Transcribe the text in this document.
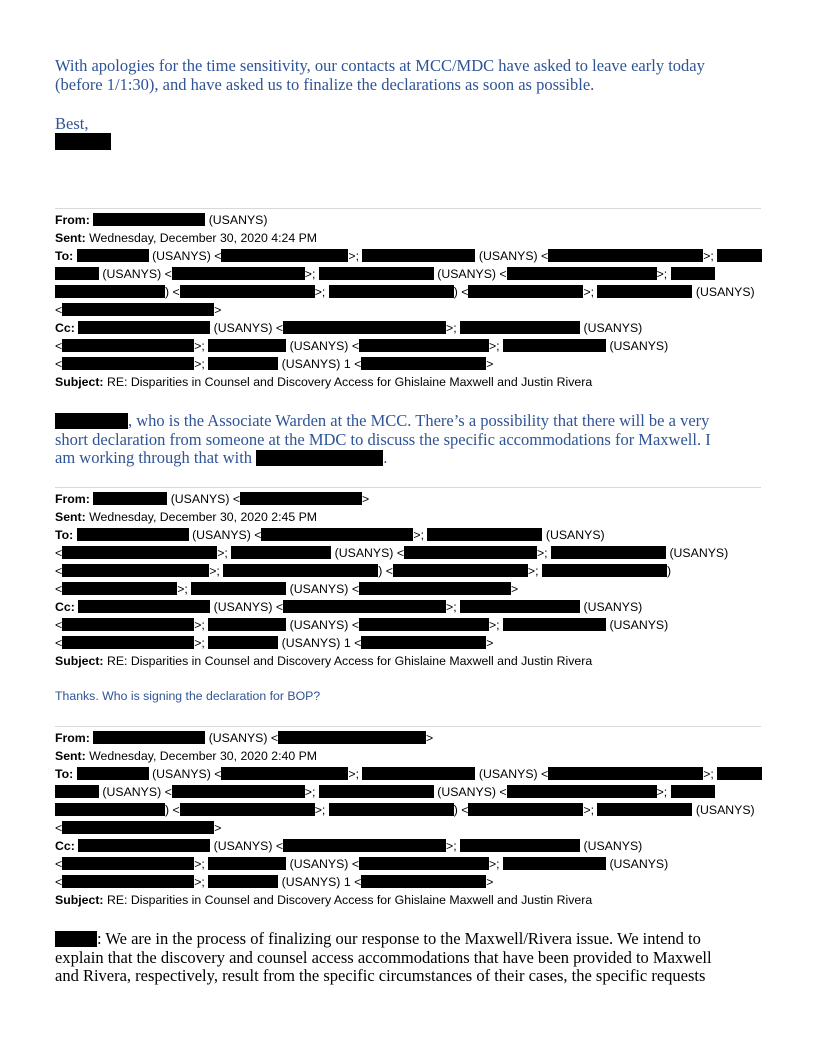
With apologies for the time sensitivity, our contacts at MCC/MDC have asked to leave early today
(before 1/1:30), and have asked us to finalize the declarations as soon as possible.
Best,
From:	(USANYS)
Sent: Wednesday, December 30, 2020 4:24 PM
To:	(USANYS) <	>;	(USANYS) <	>;
(USANYS) <	>;	(USANYS) <	>;
) <	>;	) <	>;	(USANYS)
<	>
Cc:	(USANYS) <	>;	(USANYS)
<	>;	(USANYS) <	>;	(USANYS)
<	>;	(USANYS) 1 <	>
Subject: RE: Disparities in Counsel and Discovery Access for Ghislaine Maxwell and Justin Rivera
, who is the Associate Warden at the MCC. There’s a possibility that there will be a very
short declaration from someone at the MDC to discuss the specific accommodations for Maxwell. I
am working through that with	.
From:	(USANYS) <	>
Sent: Wednesday, December 30, 2020 2:45 PM
To:	(USANYS) <	>;	(USANYS)
<	>;	(USANYS) <	>;	(USANYS)
<	>;	) <	>;	)
<	>;	(USANYS) <	>
Cc:	(USANYS) <	>;	(USANYS)
<	>;	(USANYS) <	>;	(USANYS)
<	>;	(USANYS) 1 <	>
Subject: RE: Disparities in Counsel and Discovery Access for Ghislaine Maxwell and Justin Rivera
Thanks. Who is signing the declaration for BOP?
From:	(USANYS) <	>
Sent: Wednesday, December 30, 2020 2:40 PM
To:	(USANYS) <	>;	(USANYS) <	>;
(USANYS) <	>;	(USANYS) <	>;
) <	>;	) <	>;	(USANYS)
<	>
Cc:	(USANYS) <	>;	(USANYS)
<	>;	(USANYS) <	>;	(USANYS)
<	>;	(USANYS) 1 <	>
Subject: RE: Disparities in Counsel and Discovery Access for Ghislaine Maxwell and Justin Rivera
: We are in the process of finalizing our response to the Maxwell/Rivera issue. We intend to
explain that the discovery and counsel access accommodations that have been provided to Maxwell
and Rivera, respectively, result from the specific circumstances of their cases, the specific requests
